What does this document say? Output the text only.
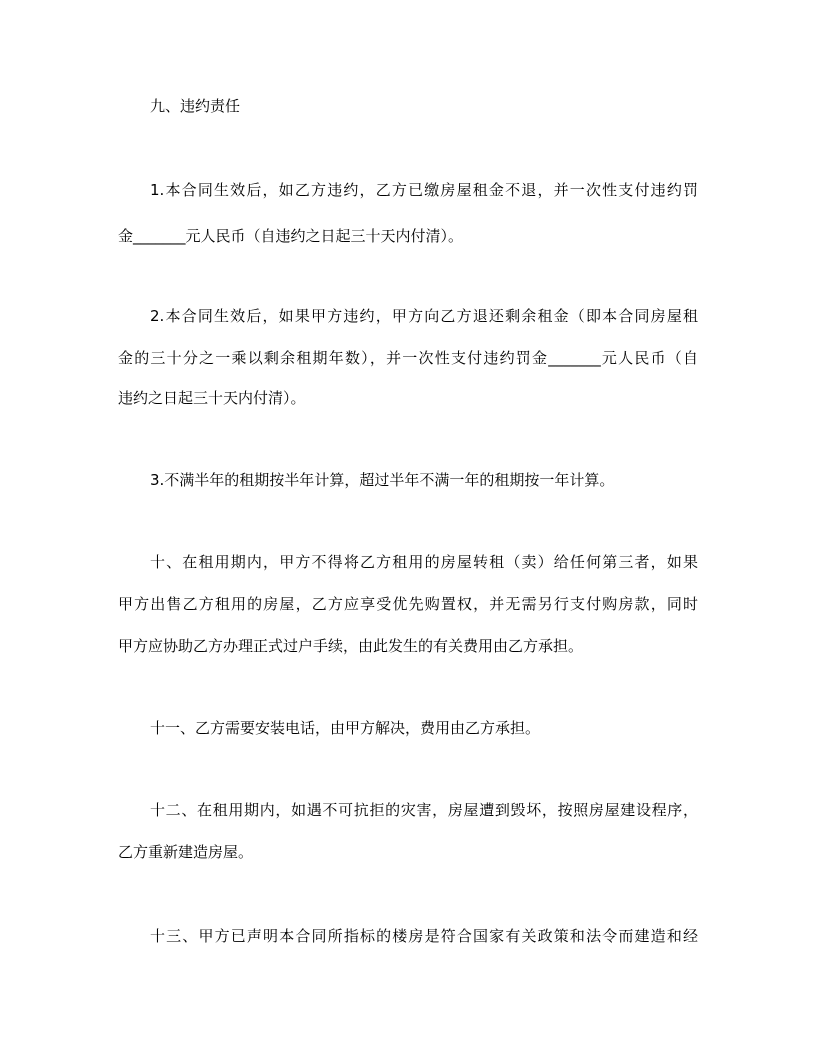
九、违约责任
1.本合同生效后，如乙方违约，乙方已缴房屋租金不退，并一次性支付违约罚
金_______元人民币（自违约之日起三十天内付清）。
2.本合同生效后，如果甲方违约，甲方向乙方退还剩余租金（即本合同房屋租
金的三十分之一乘以剩余租期年数），并一次性支付违约罚金_______元人民币（自
违约之日起三十天内付清）。
3.不满半年的租期按半年计算，超过半年不满一年的租期按一年计算。
十、在租用期内，甲方不得将乙方租用的房屋转租（卖）给任何第三者，如果
甲方出售乙方租用的房屋，乙方应享受优先购置权，并无需另行支付购房款，同时
甲方应协助乙方办理正式过户手续，由此发生的有关费用由乙方承担。
十一、乙方需要安装电话，由甲方解决，费用由乙方承担。
十二、在租用期内，如遇不可抗拒的灾害，房屋遭到毁坏，按照房屋建设程序，
乙方重新建造房屋。
十三、甲方已声明本合同所指标的楼房是符合国家有关政策和法令而建造和经
